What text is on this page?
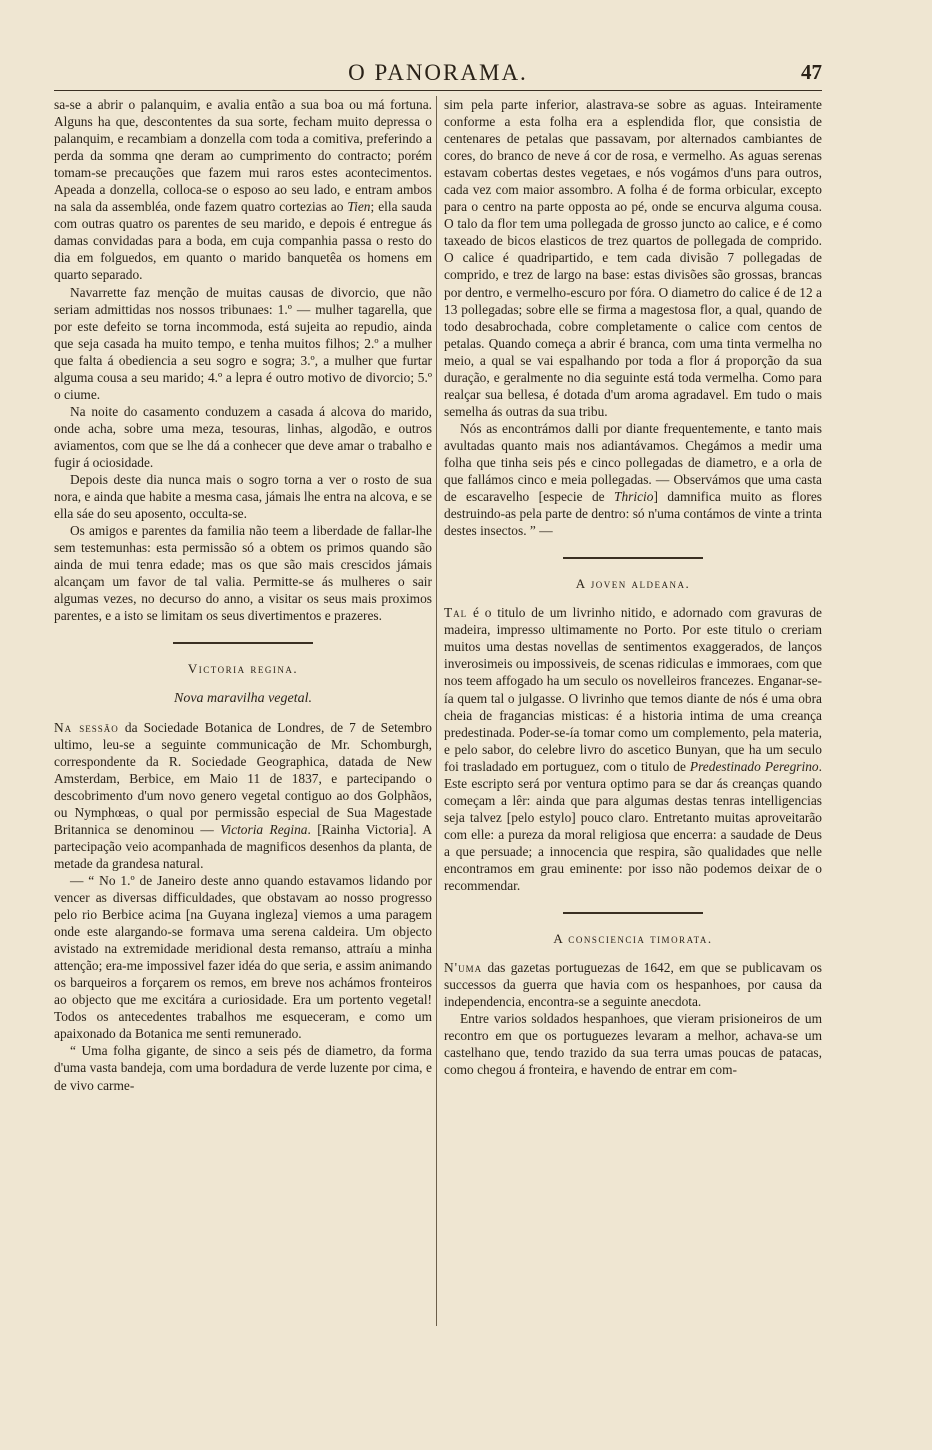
O PANORAMA.	47

sa-se a abrir o palanquim, e avalia então a sua boa ou má fortuna. Alguns ha que, descontentes da sua sorte, fecham muito depressa o palanquim, e recambiam a donzella com toda a comitiva, preferindo a perda da somma qne deram ao cumprimento do contracto; porém tomam-se precauções que fazem mui raros estes acontecimentos. Apeada a donzella, colloca-se o esposo ao seu lado, e entram ambos na sala da assembléa, onde fazem quatro cortezias ao Tien; ella sauda com outras quatro os parentes de seu marido, e depois é entregue ás damas convidadas para a boda, em cuja companhia passa o resto do dia em folguedos, em quanto o marido banquetêa os homens em quarto separado.

Navarrette faz menção de muitas causas de divorcio, que não seriam admittidas nos nossos tribunaes: 1.º — mulher tagarella, que por este defeito se torna incommoda, está sujeita ao repudio, ainda que seja casada ha muito tempo, e tenha muitos filhos; 2.º a mulher que falta á obediencia a seu sogro e sogra; 3.º, a mulher que furtar alguma cousa a seu marido; 4.º a lepra é outro motivo de divorcio; 5.º o ciume.

Na noite do casamento conduzem a casada á alcova do marido, onde acha, sobre uma meza, tesouras, linhas, algodão, e outros aviamentos, com que se lhe dá a conhecer que deve amar o trabalho e fugir á ociosidade.

Depois deste dia nunca mais o sogro torna a ver o rosto de sua nora, e ainda que habite a mesma casa, jámais lhe entra na alcova, e se ella sáe do seu aposento, occulta-se.

Os amigos e parentes da familia não teem a liberdade de fallar-lhe sem testemunhas: esta permissão só a obtem os primos quando são ainda de mui tenra edade; mas os que são mais crescidos jámais alcançam um favor de tal valia. Permitte-se ás mulheres o sair algumas vezes, no decurso do anno, a visitar os seus mais proximos parentes, e a isto se limitam os seus divertimentos e prazeres.

Victoria regina.
Nova maravilha vegetal.

Na sessão da Sociedade Botanica de Londres, de 7 de Setembro ultimo, leu-se a seguinte communicação de Mr. Schomburgh, correspondente da R. Sociedade Geographica, datada de New Amsterdam, Berbice, em Maio 11 de 1837, e partecipando o descobrimento d'um novo genero vegetal contiguo ao dos Golphãos, ou Nymphœas, o qual por permissão especial de Sua Magestade Britannica se denominou — Victoria Regina. [Rainha Victoria]. A partecipação veio acompanhada de magnificos desenhos da planta, de metade da grandesa natural.

— “ No 1.º de Janeiro deste anno quando estavamos lidando por vencer as diversas difficuldades, que obstavam ao nosso progresso pelo rio Berbice acima [na Guyana ingleza] viemos a uma paragem onde este alargando-se formava uma serena caldeira. Um objecto avistado na extremidade meridional desta remanso, attraíu a minha attenção; era-me impossivel fazer idéa do que seria, e assim animando os barqueiros a forçarem os remos, em breve nos achámos fronteiros ao objecto que me excitára a curiosidade. Era um portento vegetal! Todos os antecedentes trabalhos me esqueceram, e como um apaixonado da Botanica me senti remunerado.

“ Uma folha gigante, de sinco a seis pés de diametro, da forma d'uma vasta bandeja, com uma bordadura de verde luzente por cima, e de vivo carme-

sim pela parte inferior, alastrava-se sobre as aguas. Inteiramente conforme a esta folha era a esplendida flor, que consistia de centenares de petalas que passavam, por alternados cambiantes de cores, do branco de neve á cor de rosa, e vermelho. As aguas serenas estavam cobertas destes vegetaes, e nós vogámos d'uns para outros, cada vez com maior assombro. A folha é de forma orbicular, excepto para o centro na parte opposta ao pé, onde se encurva alguma cousa. O talo da flor tem uma pollegada de grosso juncto ao calice, e é como taxeado de bicos elasticos de trez quartos de pollegada de comprido. O calice é quadripartido, e tem cada divisão 7 pollegadas de comprido, e trez de largo na base: estas divisões são grossas, brancas por dentro, e vermelho-escuro por fóra. O diametro do calice é de 12 a 13 pollegadas; sobre elle se firma a magestosa flor, a qual, quando de todo desabrochada, cobre completamente o calice com centos de petalas. Quando começa a abrir é branca, com uma tinta vermelha no meio, a qual se vai espalhando por toda a flor á proporção da sua duração, e geralmente no dia seguinte está toda vermelha. Como para realçar sua bellesa, é dotada d'um aroma agradavel. Em tudo o mais semelha ás outras da sua tribu.

Nós as encontrámos dalli por diante frequentemente, e tanto mais avultadas quanto mais nos adiantávamos. Chegámos a medir uma folha que tinha seis pés e cinco pollegadas de diametro, e a orla de que fallámos cinco e meia pollegadas. — Observámos que uma casta de escaravelho [especie de Thricio] damnifica muito as flores destruindo-as pela parte de dentro: só n'uma contámos de vinte a trinta destes insectos. ” —

A joven aldeana.

Tal é o titulo de um livrinho nitido, e adornado com gravuras de madeira, impresso ultimamente no Porto. Por este titulo o creriam muitos uma destas novellas de sentimentos exaggerados, de lanços inverosimeis ou impossiveis, de scenas ridiculas e immoraes, com que nos teem affogado ha um seculo os novelleiros francezes. Enganar-se-ía quem tal o julgasse. O livrinho que temos diante de nós é uma obra cheia de fragancias misticas: é a historia intima de uma creança predestinada. Poder-se-ía tomar como um complemento, pela materia, e pelo sabor, do celebre livro do ascetico Bunyan, que ha um seculo foi trasladado em portuguez, com o titulo de Predestinado Peregrino. Este escripto será por ventura optimo para se dar ás creanças quando começam a lêr: ainda que para algumas destas tenras intelligencias seja talvez [pelo estylo] pouco claro. Entretanto muitas aproveitarão com elle: a pureza da moral religiosa que encerra: a saudade de Deus a que persuade; a innocencia que respira, são qualidades que nelle encontramos em grau eminente: por isso não podemos deixar de o recommendar.

A consciencia timorata.

N'uma das gazetas portuguezas de 1642, em que se publicavam os successos da guerra que havia com os hespanhoes, por causa da independencia, encontra-se a seguinte anecdota.

Entre varios soldados hespanhoes, que vieram prisioneiros de um recontro em que os portuguezes levaram a melhor, achava-se um castelhano que, tendo trazido da sua terra umas poucas de patacas, como chegou á fronteira, e havendo de entrar em com-
